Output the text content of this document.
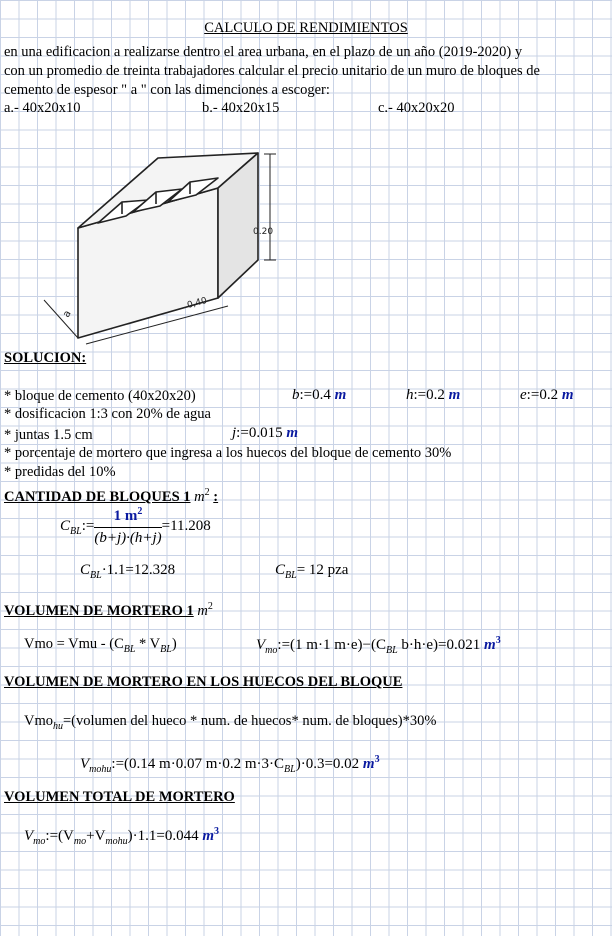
CALCULO DE RENDIMIENTOS
en una edificacion a realizarse dentro el area urbana, en el plazo de un año (2019-2020) y
con un promedio de treinta trabajadores calcular el precio unitario de un muro de bloques de
cemento de espesor " a " con las dimenciones a escoger:
a.- 40x20x10	b.- 40x20x15	c.- 40x20x20
0.20
0,40
a
SOLUCION:
* bloque de cemento (40x20x20)
* dosificacion 1:3 con 20% de agua
* juntas 1.5 cm
* porcentaje de mortero que ingresa a los huecos del bloque de cemento 30%
* predidas del 10%
b:=0.4 m	h:=0.2 m	e:=0.2 m
j:=0.015 m
CANTIDAD DE BLOQUES 1 $m^2$ :
$C_{BL}:= \frac{1 m^2}{(b+j)\cdot(h+j)} =11.208$
$C_{BL}\cdot 1.1=12.328$	$C_{BL}= 12$ pza
VOLUMEN DE MORTERO 1 $m^2$
Vmo = Vmu - $(C_{BL} * V_{BL})$	$V_{mo}:=(1$ m·1 $m\cdot e)-(C_{BL}$ b·h·e)=0.021 $m^3$
VOLUMEN DE MORTERO EN LOS HUECOS DEL BLOQUE
Vmo$_{hu}$=(volumen del hueco * num. de huecos* num. de bloques)*30%
$V_{mohu}:=(0.14$ m·0.07 m·0.2 $m\cdot 3\cdot C_{BL})\cdot 0.3=0.02$ $m^3$
VOLUMEN TOTAL DE MORTERO
$V_{mo}:=(V_{mo}+V_{mohu})\cdot 1.1=0.044$ $m^3$
